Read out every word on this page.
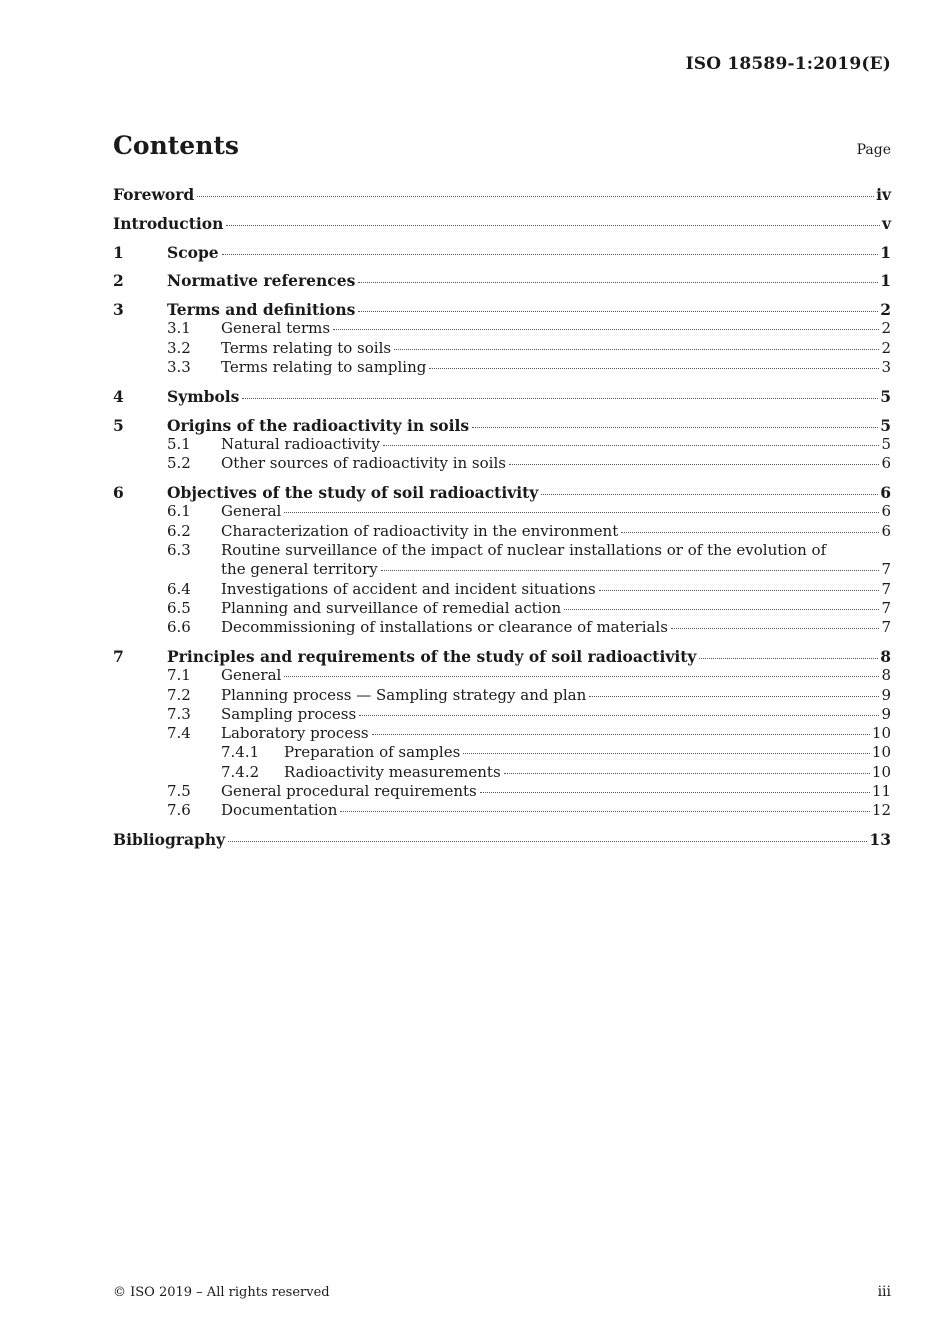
ISO 18589-1:2019(E)
Contents	Page
Foreword	iv
Introduction	v
1	Scope	1
2	Normative references	1
3	Terms and definitions	2
3.1	General terms	2
3.2	Terms relating to soils	2
3.3	Terms relating to sampling	3
4	Symbols	5
5	Origins of the radioactivity in soils	5
5.1	Natural radioactivity	5
5.2	Other sources of radioactivity in soils	6
6	Objectives of the study of soil radioactivity	6
6.1	General	6
6.2	Characterization of radioactivity in the environment	6
6.3	Routine surveillance of the impact of nuclear installations or of the evolution of
the general territory	7
6.4	Investigations of accident and incident situations	7
6.5	Planning and surveillance of remedial action	7
6.6	Decommissioning of installations or clearance of materials	7
7	Principles and requirements of the study of soil radioactivity	8
7.1	General	8
7.2	Planning process — Sampling strategy and plan	9
7.3	Sampling process	9
7.4	Laboratory process	10
7.4.1	Preparation of samples	10
7.4.2	Radioactivity measurements	10
7.5	General procedural requirements	11
7.6	Documentation	12
Bibliography	13
© ISO 2019 – All rights reserved	iii
